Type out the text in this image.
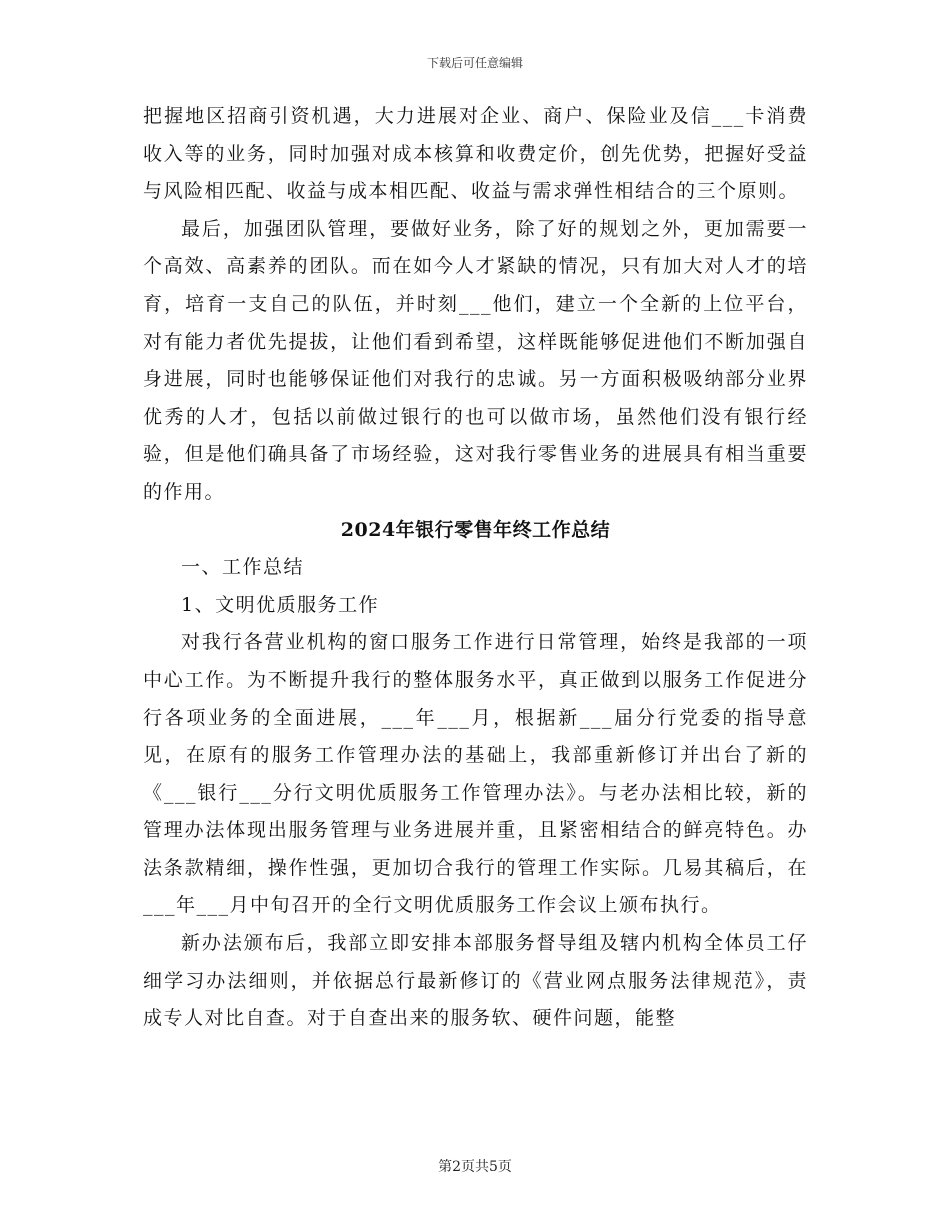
下载后可任意编辑

把握地区招商引资机遇，大力进展对企业、商户、保险业及信___卡消费收入等的业务，同时加强对成本核算和收费定价，创先优势，把握好受益与风险相匹配、收益与成本相匹配、收益与需求弹性相结合的三个原则。

最后，加强团队管理，要做好业务，除了好的规划之外，更加需要一个高效、高素养的团队。而在如今人才紧缺的情况，只有加大对人才的培育，培育一支自己的队伍，并时刻___他们，建立一个全新的上位平台，对有能力者优先提拔，让他们看到希望，这样既能够促进他们不断加强自身进展，同时也能够保证他们对我行的忠诚。另一方面积极吸纳部分业界优秀的人才，包括以前做过银行的也可以做市场，虽然他们没有银行经验，但是他们确具备了市场经验，这对我行零售业务的进展具有相当重要的作用。

2024年银行零售年终工作总结

一、工作总结

1、文明优质服务工作

对我行各营业机构的窗口服务工作进行日常管理，始终是我部的一项中心工作。为不断提升我行的整体服务水平，真正做到以服务工作促进分行各项业务的全面进展，___年___月，根据新___届分行党委的指导意见，在原有的服务工作管理办法的基础上，我部重新修订并出台了新的《___银行___分行文明优质服务工作管理办法》。与老办法相比较，新的管理办法体现出服务管理与业务进展并重，且紧密相结合的鲜亮特色。办法条款精细，操作性强，更加切合我行的管理工作实际。几易其稿后，在___年___月中旬召开的全行文明优质服务工作会议上颁布执行。

新办法颁布后，我部立即安排本部服务督导组及辖内机构全体员工仔细学习办法细则，并依据总行最新修订的《营业网点服务法律规范》，责成专人对比自查。对于自查出来的服务软、硬件问题，能整

第2页共5页
